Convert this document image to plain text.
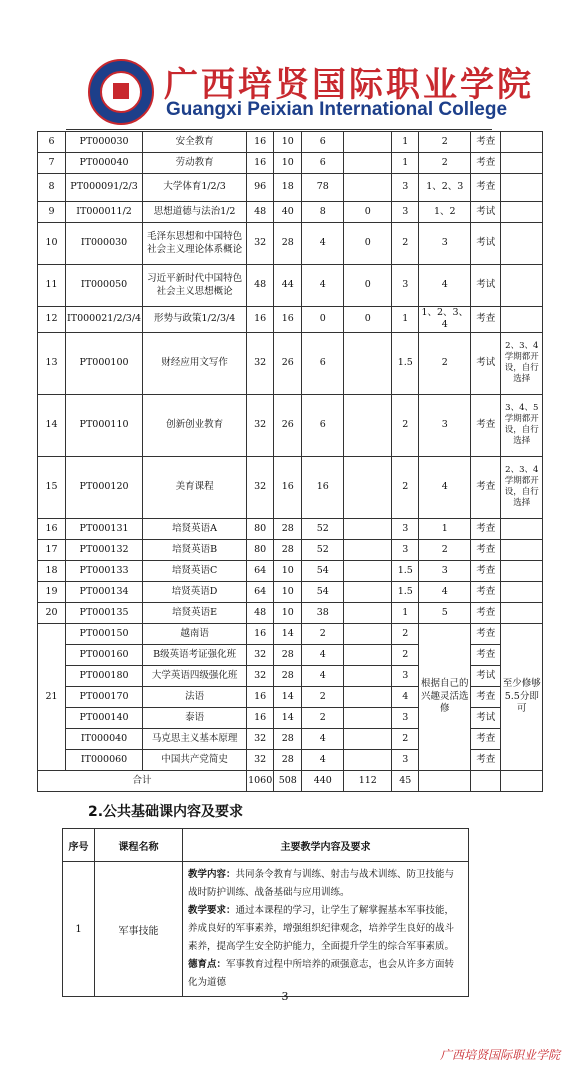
广西培贤国际职业学院
Guangxi Peixian International College
6	PT000030	安全教育	16	10	6		1	2	考查	
7	PT000040	劳动教育	16	10	6		1	2	考查	
8	PT000091/2/3	大学体育1/2/3	96	18	78		3	1、2、3	考查	
9	IT000011/2	思想道德与法治1/2	48	40	8	0	3	1、2	考试	
10	IT000030	毛泽东思想和中国特色社会主义理论体系概论	32	28	4	0	2	3	考试	
11	IT000050	习近平新时代中国特色社会主义思想概论	48	44	4	0	3	4	考试	
12	IT000021/2/3/4	形势与政策1/2/3/4	16	16	0	0	1	1、2、3、4	考查	
13	PT000100	财经应用文写作	32	26	6		1.5	2	考试	2、3、4学期都开设，自行选择
14	PT000110	创新创业教育	32	26	6		2	3	考查	3、4、5学期都开设，自行选择
15	PT000120	美育课程	32	16	16		2	4	考查	2、3、4学期都开设，自行选择
16	PT000131	培贤英语A	80	28	52		3	1	考查	
17	PT000132	培贤英语B	80	28	52		3	2	考查	
18	PT000133	培贤英语C	64	10	54		1.5	3	考查	
19	PT000134	培贤英语D	64	10	54		1.5	4	考查	
20	PT000135	培贤英语E	48	10	38		1	5	考查	
21	PT000150	越南语	16	14	2		2	根据自己的兴趣灵活选修	考查	至少修够5.5分即可
	PT000160	B级英语考证强化班	32	28	4		2		考查	
	PT000180	大学英语四级强化班	32	28	4		3		考试	
	PT000170	法语	16	14	2		4		考查	
	PT000140	泰语	16	14	2		3		考试	
	IT000040	马克思主义基本原理	32	28	4		2		考查	
	IT000060	中国共产党简史	32	28	4		3		考查	
合计			1060	508	440	112	45			
2.公共基础课内容及要求
序号	课程名称	主要教学内容及要求
1	军事技能	教学内容：共同条令教育与训练、射击与战术训练、防卫技能与战时防护训练、战备基础与应用训练。
教学要求：通过本课程的学习，让学生了解掌握基本军事技能，养成良好的军事素养，增强组织纪律观念，培养学生良好的战斗素养，提高学生安全防护能力，全面提升学生的综合军事素质。
德育点：军事教育过程中所培养的顽强意志，也会从许多方面转化为道德
3
广西培贤国际职业学院
